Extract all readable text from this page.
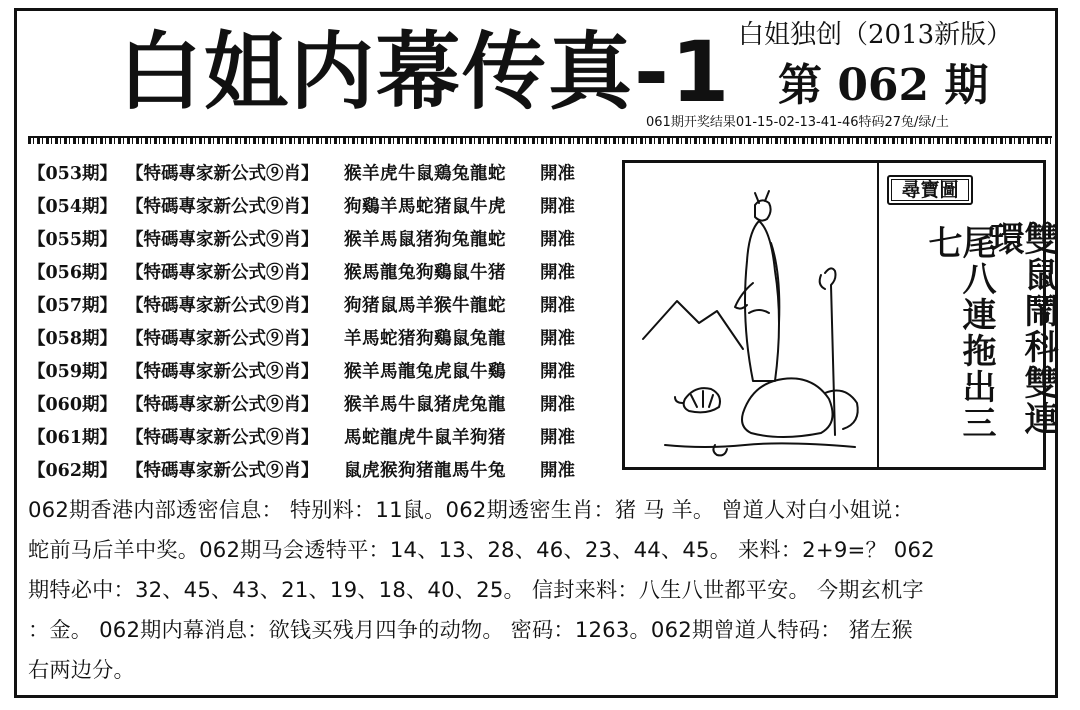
白姐内幕传真-1 白姐独创（2013新版）
第 062 期
061期开奖结果01-15-02-13-41-46特码27兔/绿/土
【053期】 【特碼專家新公式⑨肖】	猴羊虎牛鼠鶏兔龍蛇	開准
【054期】 【特碼專家新公式⑨肖】	狗鷄羊馬蛇猪鼠牛虎	開准
【055期】 【特碼專家新公式⑨肖】	猴羊馬鼠猪狗兔龍蛇	開准
【056期】 【特碼專家新公式⑨肖】	猴馬龍兔狗鷄鼠牛猪	開准
【057期】 【特碼專家新公式⑨肖】	狗猪鼠馬羊猴牛龍蛇	開准
【058期】 【特碼專家新公式⑨肖】	羊馬蛇猪狗鷄鼠兔龍	開准
【059期】 【特碼專家新公式⑨肖】	猴羊馬龍兔虎鼠牛鷄	開准
【060期】 【特碼專家新公式⑨肖】	猴羊馬牛鼠猪虎兔龍	開准
【061期】 【特碼專家新公式⑨肖】	馬蛇龍虎牛鼠羊狗猪	開准
【062期】 【特碼專家新公式⑨肖】	鼠虎猴狗猪龍馬牛兔	開准
尋寶圖
雙鼠鬧科雙連環
尾八連拖出三七
062期香港内部透密信息： 特别料：11鼠。062期透密生肖：猪 马 羊。 曾道人对白小姐说：
蛇前马后羊中奖。062期马会透特平：14、13、28、46、23、44、45。 来料：2+9=？ 062
期特必中：32、45、43、21、19、18、40、25。 信封来料：八生八世都平安。 今期玄机字
：金。 062期内幕消息：欲钱买残月四争的动物。 密码：1263。062期曾道人特码： 猪左猴
右两边分。
